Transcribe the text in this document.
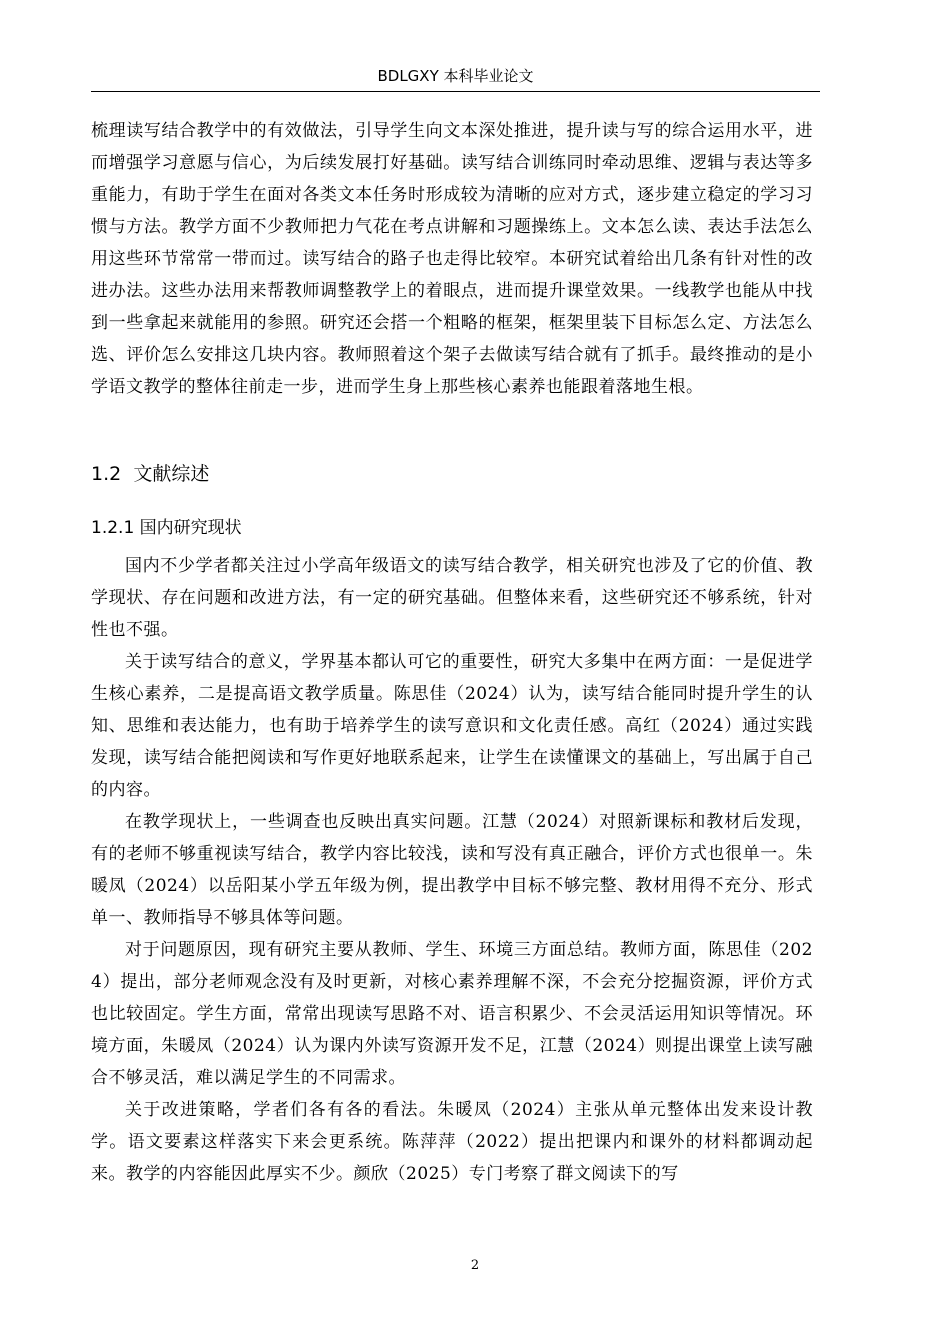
BDLGXY 本科毕业论文

梳理读写结合教学中的有效做法，引导学生向文本深处推进，提升读与写的综合运用水平，进而增强学习意愿与信心，为后续发展打好基础。读写结合训练同时牵动思维、逻辑与表达等多重能力，有助于学生在面对各类文本任务时形成较为清晰的应对方式，逐步建立稳定的学习习惯与方法。教学方面不少教师把力气花在考点讲解和习题操练上。文本怎么读、表达手法怎么用这些环节常常一带而过。读写结合的路子也走得比较窄。本研究试着给出几条有针对性的改进办法。这些办法用来帮教师调整教学上的着眼点，进而提升课堂效果。一线教学也能从中找到一些拿起来就能用的参照。研究还会搭一个粗略的框架，框架里装下目标怎么定、方法怎么选、评价怎么安排这几块内容。教师照着这个架子去做读写结合就有了抓手。最终推动的是小学语文教学的整体往前走一步，进而学生身上那些核心素养也能跟着落地生根。

1.2 文献综述
1.2.1 国内研究现状

国内不少学者都关注过小学高年级语文的读写结合教学，相关研究也涉及了它的价值、教学现状、存在问题和改进方法，有一定的研究基础。但整体来看，这些研究还不够系统，针对性也不强。

关于读写结合的意义，学界基本都认可它的重要性，研究大多集中在两方面：一是促进学生核心素养，二是提高语文教学质量。陈思佳（2024）认为，读写结合能同时提升学生的认知、思维和表达能力，也有助于培养学生的读写意识和文化责任感。高红（2024）通过实践发现，读写结合能把阅读和写作更好地联系起来，让学生在读懂课文的基础上，写出属于自己的内容。

在教学现状上，一些调查也反映出真实问题。江慧（2024）对照新课标和教材后发现，有的老师不够重视读写结合，教学内容比较浅，读和写没有真正融合，评价方式也很单一。朱暖凤（2024）以岳阳某小学五年级为例，提出教学中目标不够完整、教材用得不充分、形式单一、教师指导不够具体等问题。

对于问题原因，现有研究主要从教师、学生、环境三方面总结。教师方面，陈思佳（2024）提出，部分老师观念没有及时更新，对核心素养理解不深，不会充分挖掘资源，评价方式也比较固定。学生方面，常常出现读写思路不对、语言积累少、不会灵活运用知识等情况。环境方面，朱暖凤（2024）认为课内外读写资源开发不足，江慧（2024）则提出课堂上读写融合不够灵活，难以满足学生的不同需求。

关于改进策略，学者们各有各的看法。朱暖凤（2024）主张从单元整体出发来设计教学。语文要素这样落实下来会更系统。陈萍萍（2022）提出把课内和课外的材料都调动起来。教学的内容能因此厚实不少。颜欣（2025）专门考察了群文阅读下的写

2
